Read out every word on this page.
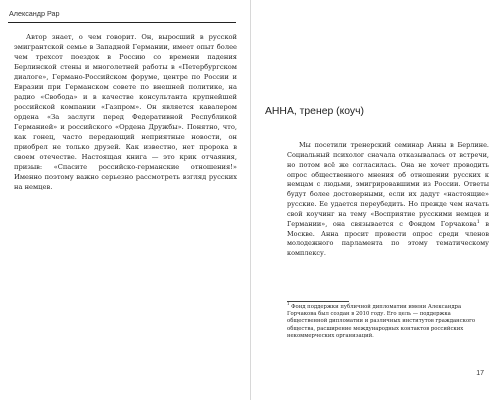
Александр Рар

Автор знает, о чем говорит. Он, выросший в русской эмигрантской семье в Западной Германии, имеет опыт более чем трехсот поездок в Россию со времени падения Берлинской стены и многолетней работы в «Петербургском диалоге», Германо-Российском форуме, центре по России и Евразии при Германском совете по внешней политике, на радио «Свобода» и в качестве консультанта крупнейшей российской компании «Газпром». Он является кавалером ордена «За заслуги перед Федеративной Республикой Германией» и российского «Ордена Дружбы». Понятно, что, как гонец, часто передающий неприятные новости, он приобрел не только друзей. Как известно, нет пророка в своем отечестве. Настоящая книга — это крик отчаяния, призыв: «Спасите российско-германские отношения!» Именно поэтому важно серьезно рассмотреть взгляд русских на немцев.

АННА, тренер (коуч)

Мы посетили тренерский семинар Анны в Берлине. Социальный психолог сначала отказывалась от встречи, но потом всё же согласилась. Она не хочет проводить опрос общественного мнения об отношении русских к немцам с людьми, эмигрировавшими из России. Ответы будут более достоверными, если их дадут «настоящие» русские. Ее удается переубедить. Но прежде чем начать свой коучинг на тему «Восприятие русскими немцев и Германии», она связывается с Фондом Горчакова$^1$ в Москве. Анна просит провести опрос среди членов молодежного парламента по этому тематическому комплексу.

$^1$ Фонд поддержки публичной дипломатии имени Александра Горчакова был создан в 2010 году. Его цель — поддержка общественной дипломатии и различных институтов гражданского общества, расширение международных контактов российских некоммерческих организаций.

17
